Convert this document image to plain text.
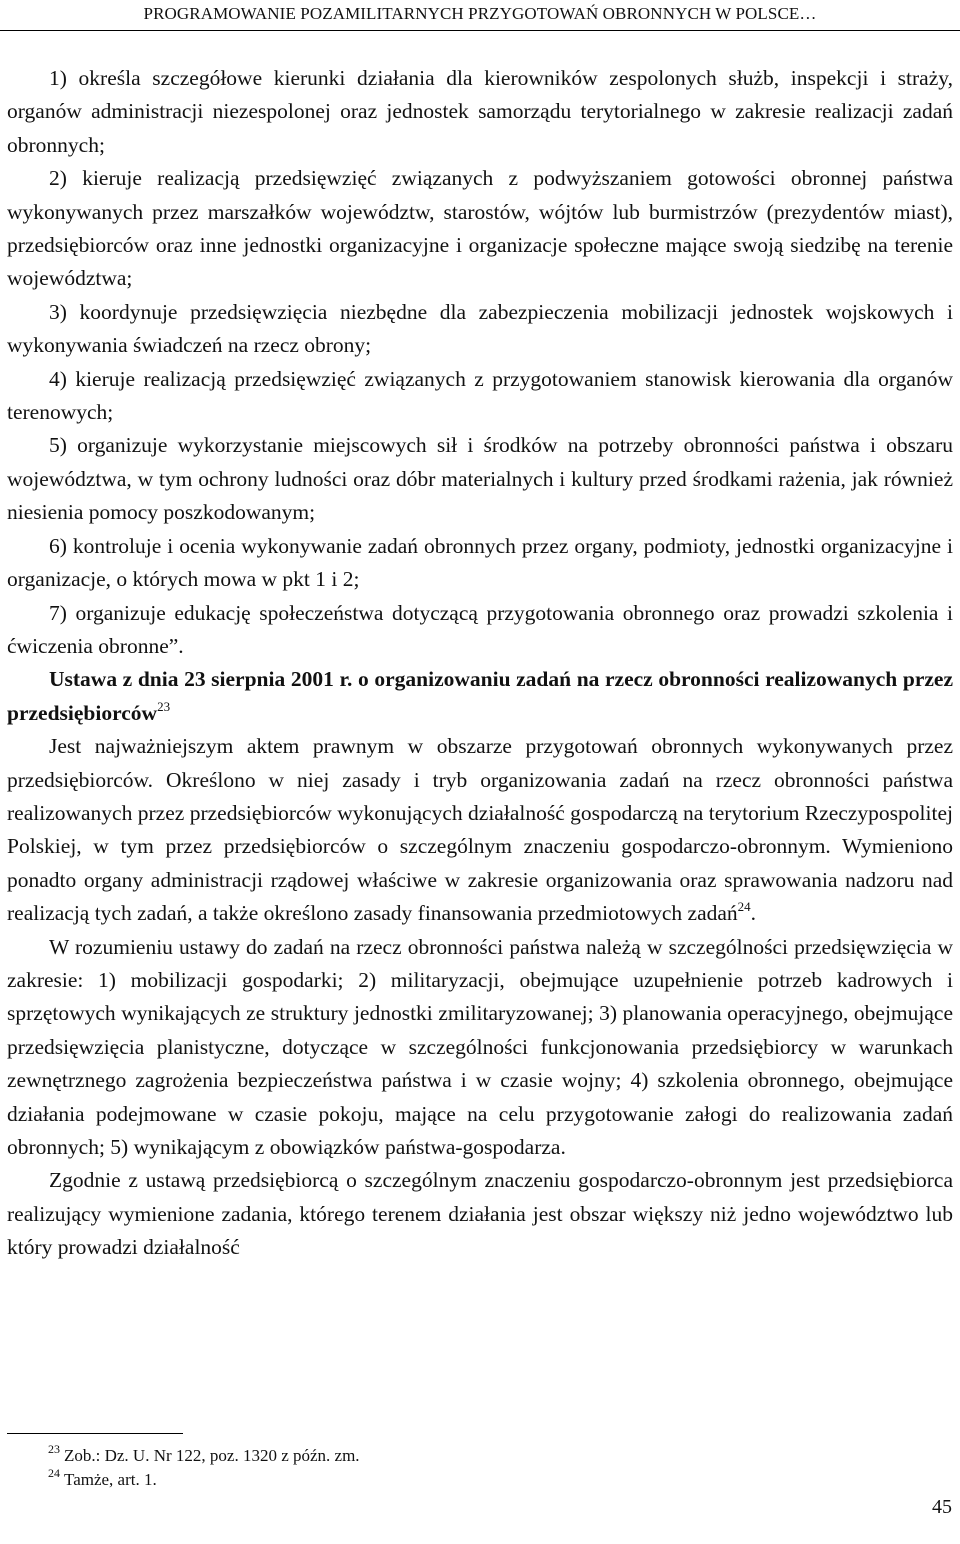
PROGRAMOWANIE POZAMILITARNYCH PRZYGOTOWAŃ OBRONNYCH W POLSCE…

1) określa szczegółowe kierunki działania dla kierowników zespolonych służb, inspekcji i straży, organów administracji niezespolonej oraz jednostek samorządu terytorialnego w zakresie realizacji zadań obronnych;

2) kieruje realizacją przedsięwzięć związanych z podwyższaniem gotowości obronnej państwa wykonywanych przez marszałków województw, starostów, wójtów lub burmistrzów (prezydentów miast), przedsiębiorców oraz inne jednostki organizacyjne i organizacje społeczne mające swoją siedzibę na terenie województwa;

3) koordynuje przedsięwzięcia niezbędne dla zabezpieczenia mobilizacji jednostek wojskowych i wykonywania świadczeń na rzecz obrony;

4) kieruje realizacją przedsięwzięć związanych z przygotowaniem stanowisk kierowania dla organów terenowych;

5) organizuje wykorzystanie miejscowych sił i środków na potrzeby obronności państwa i obszaru województwa, w tym ochrony ludności oraz dóbr materialnych i kultury przed środkami rażenia, jak również niesienia pomocy poszkodowanym;

6) kontroluje i ocenia wykonywanie zadań obronnych przez organy, podmioty, jednostki organizacyjne i organizacje, o których mowa w pkt 1 i 2;

7) organizuje edukację społeczeństwa dotyczącą przygotowania obronnego oraz prowadzi szkolenia i ćwiczenia obronne”.

Ustawa z dnia 23 sierpnia 2001 r. o organizowaniu zadań na rzecz obronności realizowanych przez przedsiębiorców$^{23}$

Jest najważniejszym aktem prawnym w obszarze przygotowań obronnych wykonywanych przez przedsiębiorców. Określono w niej zasady i tryb organizowania zadań na rzecz obronności państwa realizowanych przez przedsiębiorców wykonujących działalność gospodarczą na terytorium Rzeczypospolitej Polskiej, w tym przez przedsiębiorców o szczególnym znaczeniu gospodarczo-obronnym. Wymieniono ponadto organy administracji rządowej właściwe w zakresie organizowania oraz sprawowania nadzoru nad realizacją tych zadań, a także określono zasady finansowania przedmiotowych zadań$^{24}$.

W rozumieniu ustawy do zadań na rzecz obronności państwa należą w szczególności przedsięwzięcia w zakresie: 1) mobilizacji gospodarki; 2) militaryzacji, obejmujące uzupełnienie potrzeb kadrowych i sprzętowych wynikających ze struktury jednostki zmilitaryzowanej; 3) planowania operacyjnego, obejmujące przedsięwzięcia planistyczne, dotyczące w szczególności funkcjonowania przedsiębiorcy w warunkach zewnętrznego zagrożenia bezpieczeństwa państwa i w czasie wojny; 4) szkolenia obronnego, obejmujące działania podejmowane w czasie pokoju, mające na celu przygotowanie załogi do realizowania zadań obronnych; 5) wynikającym z obowiązków państwa-gospodarza.

Zgodnie z ustawą przedsiębiorcą o szczególnym znaczeniu gospodarczo-obronnym jest przedsiębiorca realizujący wymienione zadania, którego terenem działania jest obszar większy niż jedno województwo lub który prowadzi działalność

$^{23}$ Zob.: Dz. U. Nr 122, poz. 1320 z późn. zm.
$^{24}$ Tamże, art. 1.
45
